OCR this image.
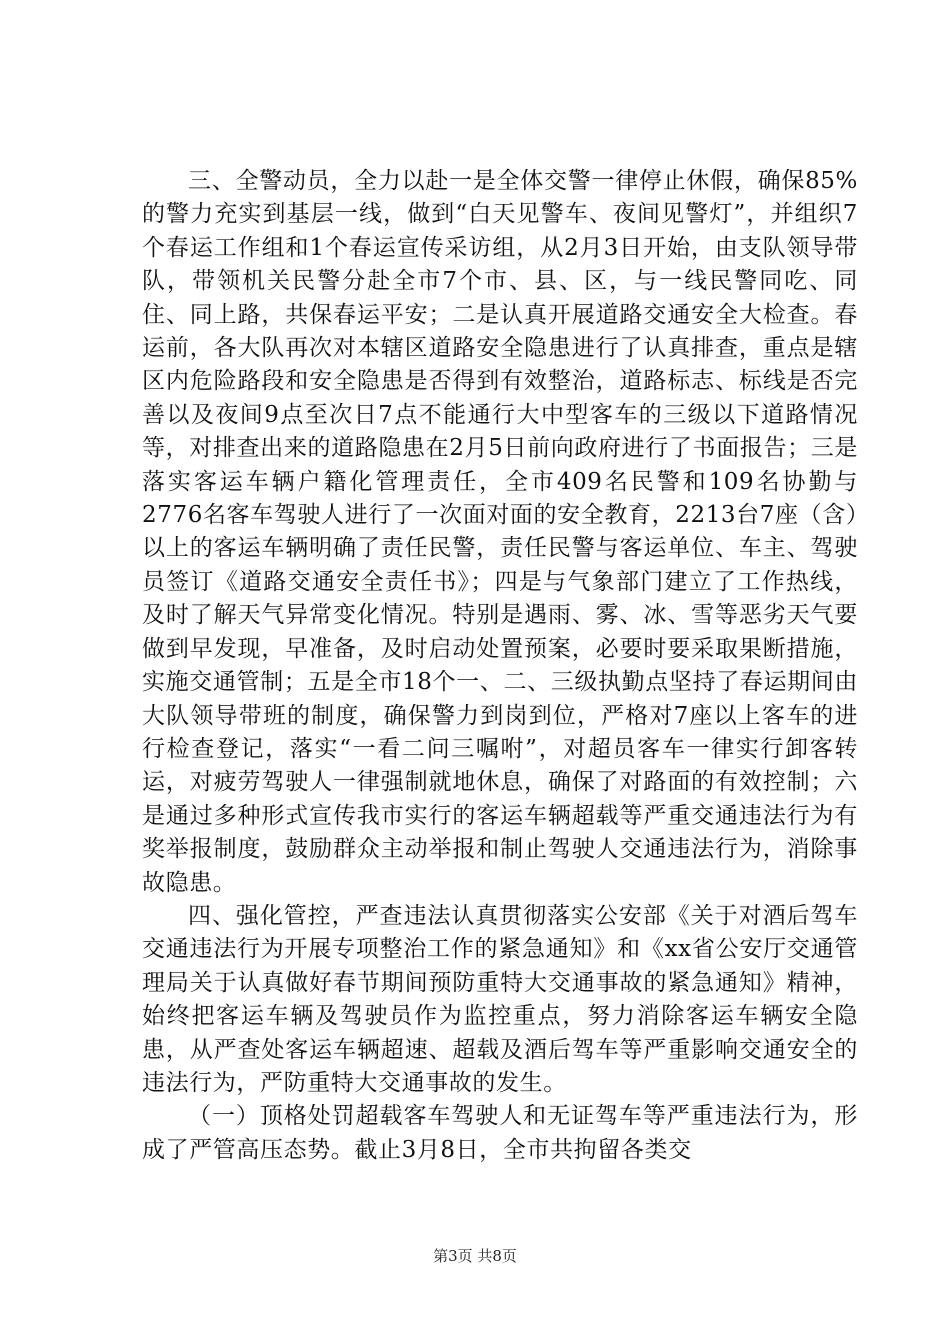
三、全警动员，全力以赴一是全体交警一律停止休假，确保85%的警力充实到基层一线，做到“白天见警车、夜间见警灯”，并组织7个春运工作组和1个春运宣传采访组，从2月3日开始，由支队领导带队，带领机关民警分赴全市7个市、县、区，与一线民警同吃、同住、同上路，共保春运平安；二是认真开展道路交通安全大检查。春运前，各大队再次对本辖区道路安全隐患进行了认真排查，重点是辖区内危险路段和安全隐患是否得到有效整治，道路标志、标线是否完善以及夜间9点至次日7点不能通行大中型客车的三级以下道路情况等，对排查出来的道路隐患在2月5日前向政府进行了书面报告；三是落实客运车辆户籍化管理责任，全市409名民警和109名协勤与2776名客车驾驶人进行了一次面对面的安全教育，2213台7座（含）以上的客运车辆明确了责任民警，责任民警与客运单位、车主、驾驶员签订《道路交通安全责任书》；四是与气象部门建立了工作热线，及时了解天气异常变化情况。特别是遇雨、雾、冰、雪等恶劣天气要做到早发现，早准备，及时启动处置预案，必要时要采取果断措施，实施交通管制；五是全市18个一、二、三级执勤点坚持了春运期间由大队领导带班的制度，确保警力到岗到位，严格对7座以上客车的进行检查登记，落实“一看二问三嘱咐”，对超员客车一律实行卸客转运，对疲劳驾驶人一律强制就地休息，确保了对路面的有效控制；六是通过多种形式宣传我市实行的客运车辆超载等严重交通违法行为有奖举报制度，鼓励群众主动举报和制止驾驶人交通违法行为，消除事故隐患。

四、强化管控，严查违法认真贯彻落实公安部《关于对酒后驾车交通违法行为开展专项整治工作的紧急通知》和《xx省公安厅交通管理局关于认真做好春节期间预防重特大交通事故的紧急通知》精神，始终把客运车辆及驾驶员作为监控重点，努力消除客运车辆安全隐患，从严查处客运车辆超速、超载及酒后驾车等严重影响交通安全的违法行为，严防重特大交通事故的发生。

（一）顶格处罚超载客车驾驶人和无证驾车等严重违法行为，形成了严管高压态势。截止3月8日，全市共拘留各类交

第3页 共8页
